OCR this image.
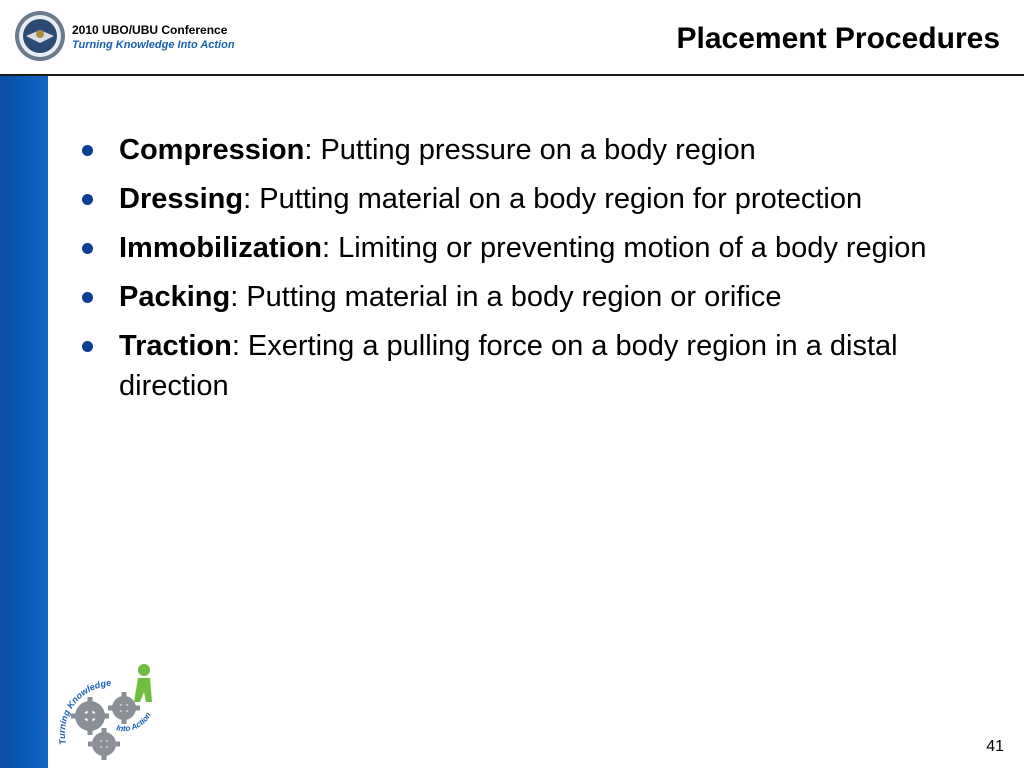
2010 UBO/UBU Conference
Turning Knowledge Into Action	Placement Procedures
Compression: Putting pressure on a body region
Dressing: Putting material on a body region for protection
Immobilization: Limiting or preventing motion of a body region
Packing: Putting material in a body region or orifice
Traction: Exerting a pulling force on a body region in a distal direction
Turning Knowledge
Into Action
41
